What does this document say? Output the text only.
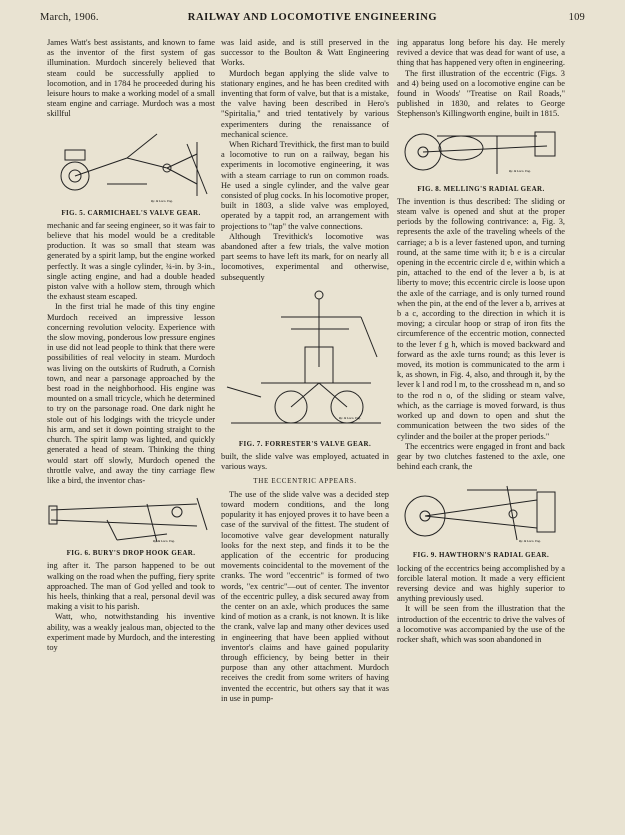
March, 1906.	RAILWAY AND LOCOMOTIVE ENGINEERING	109

James Watt's best assistants, and known to fame as the inventor of the first system of gas illumination. Murdoch sincerely believed that steam could be successfully applied to locomotion, and in 1784 he proceeded during his leisure hours to make a working model of a small steam engine and carriage. Murdoch was a most skillful

Ry. & Loco. Eng.
FIG. 5. CARMICHAEL'S VALVE GEAR.

mechanic and far seeing engineer, so it was fair to believe that his model would be a creditable production. It was so small that steam was generated by a spirit lamp, but the engine worked perfectly. It was a single cylinder, ¾-in. by 3-in., single acting engine, and had a double headed piston valve with a hollow stem, through which the exhaust steam escaped.

In the first trial he made of this tiny engine Murdoch received an impressive lesson concerning revolution velocity. Experience with the slow moving, ponderous low pressure engines in use did not lead people to think that there were possibilities of real velocity in steam. Murdoch was living on the outskirts of Rudruth, a Cornish town, and near a parsonage approached by the best road in the neighborhood. His engine was mounted on a small tricycle, which he determined to try on the parsonage road. One dark night he stole out of his lodgings with the tricycle under his arm, and set it down pointing straight to the church. The spirit lamp was lighted, and quickly generated a head of steam. Thinking the thing would start off slowly, Murdoch opened the throttle valve, and away the tiny carriage flew like a bird, the inventor chas-

Ry. & Loco. Eng.
FIG. 6. BURY'S DROP HOOK GEAR.

ing after it. The parson happened to be out walking on the road when the puffing, fiery sprite approached. The man of God yelled and took to his heels, thinking that a real, personal devil was making a visit to his parish.

Watt, who, notwithstanding his inventive ability, was a weakly jealous man, objected to the experiment made by Murdoch, and the interesting toy

was laid aside, and is still preserved in the successor to the Boulton & Watt Engineering Works.

Murdoch began applying the slide valve to stationary engines, and he has been credited with inventing that form of valve, but that is a mistake, the valve having been described in Hero's "Spiritalia," and tried tentatively by various experimenters during the renaissance of mechanical science.

When Richard Trevithick, the first man to build a locomotive to run on a railway, began his experiments in locomotive engineering, it was with a steam carriage to run on common roads. He used a single cylinder, and the valve gear consisted of plug cocks. In his locomotive proper, built in 1803, a slide valve was employed, operated by a tappit rod, an arrangement with projections to "tap" the valve connections.

Although Trevithick's locomotive was abandoned after a few trials, the valve motion part seems to have left its mark, for on nearly all locomotives, experimental and otherwise, subsequently

Ry. & Loco. Eng.
FIG. 7. FORRESTER'S VALVE GEAR.

built, the slide valve was employed, actuated in various ways.

THE ECCENTRIC APPEARS.

The use of the slide valve was a decided step toward modern conditions, and the long popularity it has enjoyed proves it to have been a case of the survival of the fittest. The student of locomotive valve gear development naturally looks for the next step, and finds it to be the application of the eccentric for producing movements coincidental to the movement of the cranks. The word "eccentric" is formed of two words, "ex centric"—out of center. The inventor of the eccentric pulley, a disk secured away from the center on an axle, which produces the same kind of motion as a crank, is not known. It is like the crank, valve lap and many other devices used in engineering that have been applied without inventor's claims and have gained popularity through efficiency, by being better in their purpose than any other attachment. Murdoch receives the credit from some writers of having invented the eccentric, but others say that it was in use in pump-

ing apparatus long before his day. He merely revived a device that was dead for want of use, a thing that has happened very often in engineering.

The first illustration of the eccentric (Figs. 3 and 4) being used on a locomotive engine can be found in Woods' "Treatise on Rail Roads," published in 1830, and relates to George Stephenson's Killingworth engine, built in 1815.

Ry. & Loco. Eng.
FIG. 8. MELLING'S RADIAL GEAR.

The invention is thus described: The sliding or steam valve is opened and shut at the proper periods by the following contrivance: a, Fig. 3, represents the axle of the traveling wheels of the carriage; a b is a lever fastened upon, and turning round, at the same time with it; b e is a circular opening in the eccentric circle d e, within which a pin, attached to the end of the lever a b, is at liberty to move; this eccentric circle is loose upon the axle of the carriage, and is only turned round when the pin, at the end of the lever a b, arrives at b a c, according to the direction in which it is moving; a circular hoop or strap of iron fits the circumference of the eccentric motion, connected to the lever f g h, which is moved backward and forward as the axle turns round; as this lever is moved, its motion is communicated to the arm i k, as shown, in Fig. 4, also, and through it, by the lever k l and rod l m, to the crosshead m n, and so to the rod n o, of the sliding or steam valve, which, as the carriage is moved forward, is thus worked up and down to open and shut the communication between the two sides of the cylinder and the boiler at the proper periods."

The eccentrics were engaged in front and back gear by two clutches fastened to the axle, one behind each crank, the

Ry. & Loco. Eng.
FIG. 9. HAWTHORN'S RADIAL GEAR.

locking of the eccentrics being accomplished by a forcible lateral motion. It made a very efficient reversing device and was highly superior to anything previously used.

It will be seen from the illustration that the introduction of the eccentric to drive the valves of a locomotive was accompanied by the use of the rocker shaft, which was soon abandoned in
